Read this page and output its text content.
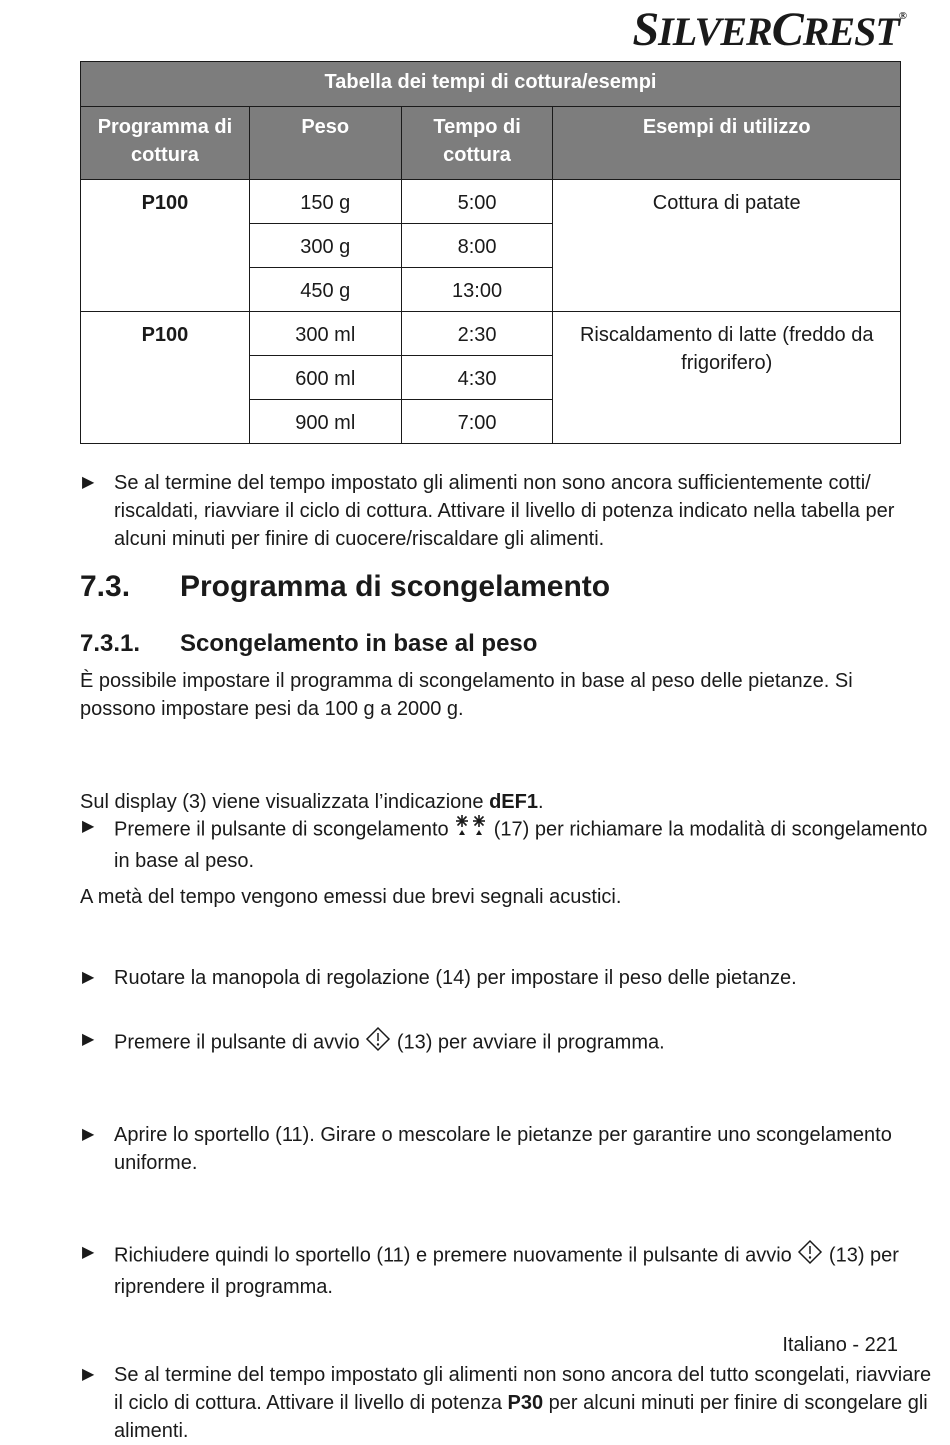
SILVERCREST®
Tabella dei tempi di cottura/esempi			
Programma di cottura	Peso	Tempo di cottura	Esempi di utilizzo
P100	150 g	5:00	Cottura di patate
	300 g	8:00	
	450 g	13:00	
P100	300 ml	2:30	Riscaldamento di latte (freddo da frigorifero)
	600 ml	4:30	
	900 ml	7:00	
▶ Se al termine del tempo impostato gli alimenti non sono ancora sufficientemente cotti/ riscaldati, riavviare il ciclo di cottura. Attivare il livello di potenza indicato nella tabella per alcuni minuti per finire di cuocere/riscaldare gli alimenti.
7.3. Programma di scongelamento
7.3.1. Scongelamento in base al peso
È possibile impostare il programma di scongelamento in base al peso delle pietanze. Si possono impostare pesi da 100 g a 2000 g.
▶ Premere il pulsante di scongelamento (17) per richiamare la modalità di scongelamento in base al peso.
Sul display (3) viene visualizzata l’indicazione dEF1.
▶ Ruotare la manopola di regolazione (14) per impostare il peso delle pietanze.
▶ Premere il pulsante di avvio (13) per avviare il programma.
A metà del tempo vengono emessi due brevi segnali acustici.
▶ Aprire lo sportello (11). Girare o mescolare le pietanze per garantire uno scongelamento uniforme.
▶ Richiudere quindi lo sportello (11) e premere nuovamente il pulsante di avvio (13) per riprendere il programma.
▶ Se al termine del tempo impostato gli alimenti non sono ancora del tutto scongelati, riavviare il ciclo di cottura. Attivare il livello di potenza P30 per alcuni minuti per finire di scongelare gli alimenti.
Italiano - 221
